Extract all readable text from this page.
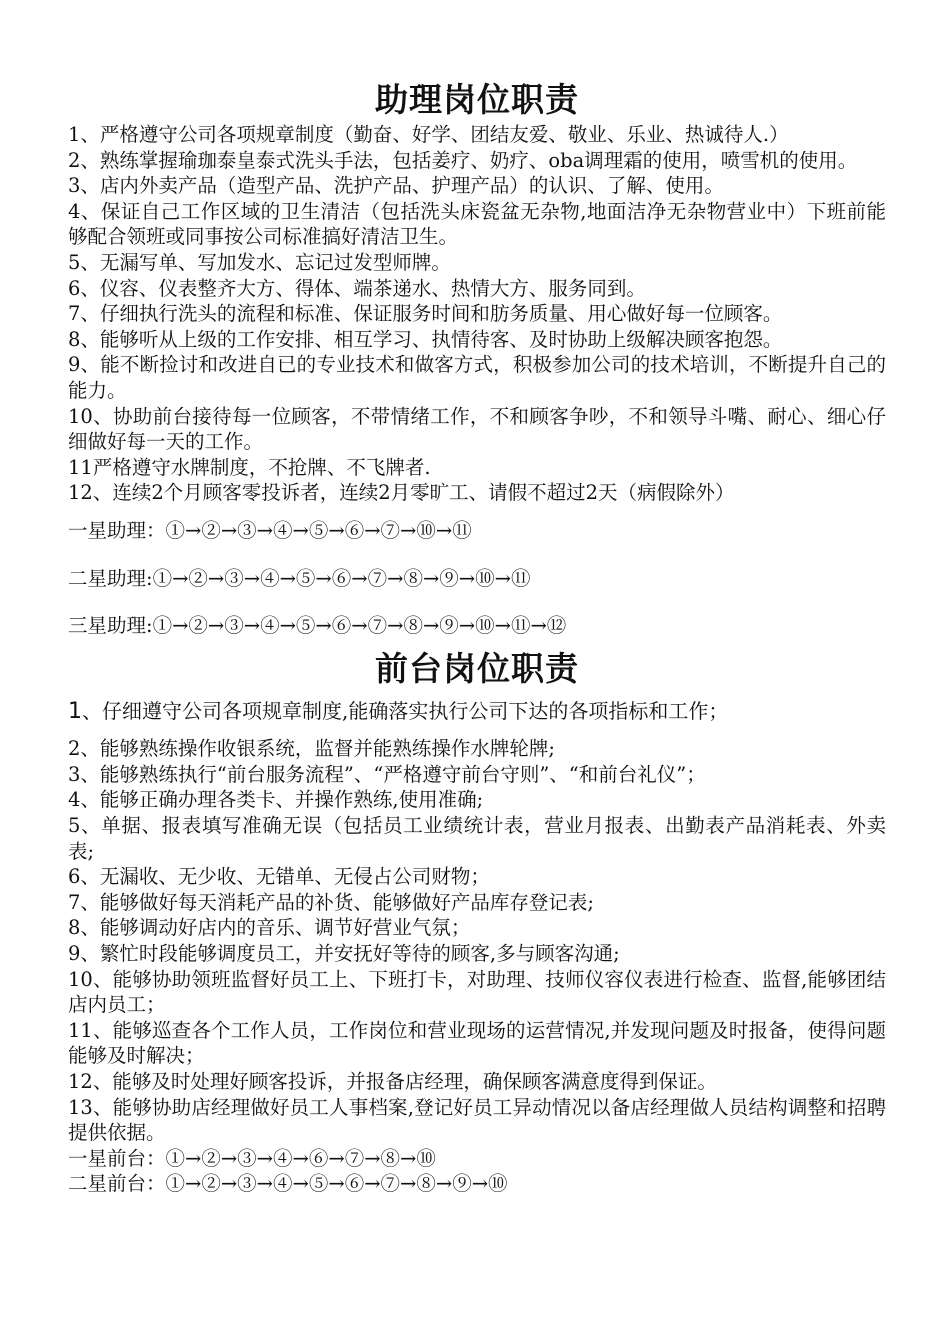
助理岗位职责

1、严格遵守公司各项规章制度（勤奋、好学、团结友爱、敬业、乐业、热诚待人.）

2、熟练掌握瑜珈泰皇泰式洗头手法，包括姜疗、奶疗、oba调理霜的使用，喷雪机的使用。

3、店内外卖产品（造型产品、洗护产品、护理产品）的认识、了解、使用。

4、保证自己工作区域的卫生清洁（包括洗头床瓷盆无杂物,地面洁净无杂物营业中）下班前能够配合领班或同事按公司标准搞好清洁卫生。

5、无漏写单、写加发水、忘记过发型师牌。

6、仪容、仪表整齐大方、得体、端茶递水、热情大方、服务同到。

7、仔细执行洗头的流程和标准、保证服务时间和肪务质量、用心做好每一位顾客。

8、能够听从上级的工作安排、相互学习、执情待客、及时协助上级解决顾客抱怨。

9、能不断捡讨和改进自已的专业技术和做客方式，积极参加公司的技术培训，不断提升自己的能力。

10、协助前台接待每一位顾客，不带情绪工作，不和顾客争吵，不和领导斗嘴、耐心、细心仔细做好每一天的工作。

11严格遵守水牌制度，不抢牌、不飞牌者.

12、连续2个月顾客零投诉者，连续2月零旷工、请假不超过2天（病假除外）

一星助理：①→②→③→④→⑤→⑥→⑦→⑩→⑪

二星助理:①→②→③→④→⑤→⑥→⑦→⑧→⑨→⑩→⑪

三星助理:①→②→③→④→⑤→⑥→⑦→⑧→⑨→⑩→⑪→⑫

前台岗位职责

1、仔细遵守公司各项规章制度,能确落实执行公司下达的各项指标和工作；

2、能够熟练操作收银系统，监督并能熟练操作水牌轮牌;

3、能够熟练执行“前台服务流程”、“严格遵守前台守则”、“和前台礼仪”；

4、能够正确办理各类卡、并操作熟练,使用准确;

5、单据、报表填写准确无误（包括员工业绩统计表，营业月报表、出勤表产品消耗表、外卖表;

6、无漏收、无少收、无错单、无侵占公司财物；

7、能够做好每天消耗产品的补货、能够做好产品库存登记表;

8、能够调动好店内的音乐、调节好营业气氛；

9、繁忙时段能够调度员工，并安抚好等待的顾客,多与顾客沟通;

10、能够协助领班监督好员工上、下班打卡，对助理、技师仪容仪表进行检查、监督,能够团结店内员工；

11、能够巡查各个工作人员，工作岗位和营业现场的运营情况,并发现问题及时报备，使得问题能够及时解决；

12、能够及时处理好顾客投诉，并报备店经理，确保顾客满意度得到保证。

13、能够协助店经理做好员工人事档案,登记好员工异动情况以备店经理做人员结构调整和招聘提供依据。

一星前台：①→②→③→④→⑥→⑦→⑧→⑩

二星前台：①→②→③→④→⑤→⑥→⑦→⑧→⑨→⑩
